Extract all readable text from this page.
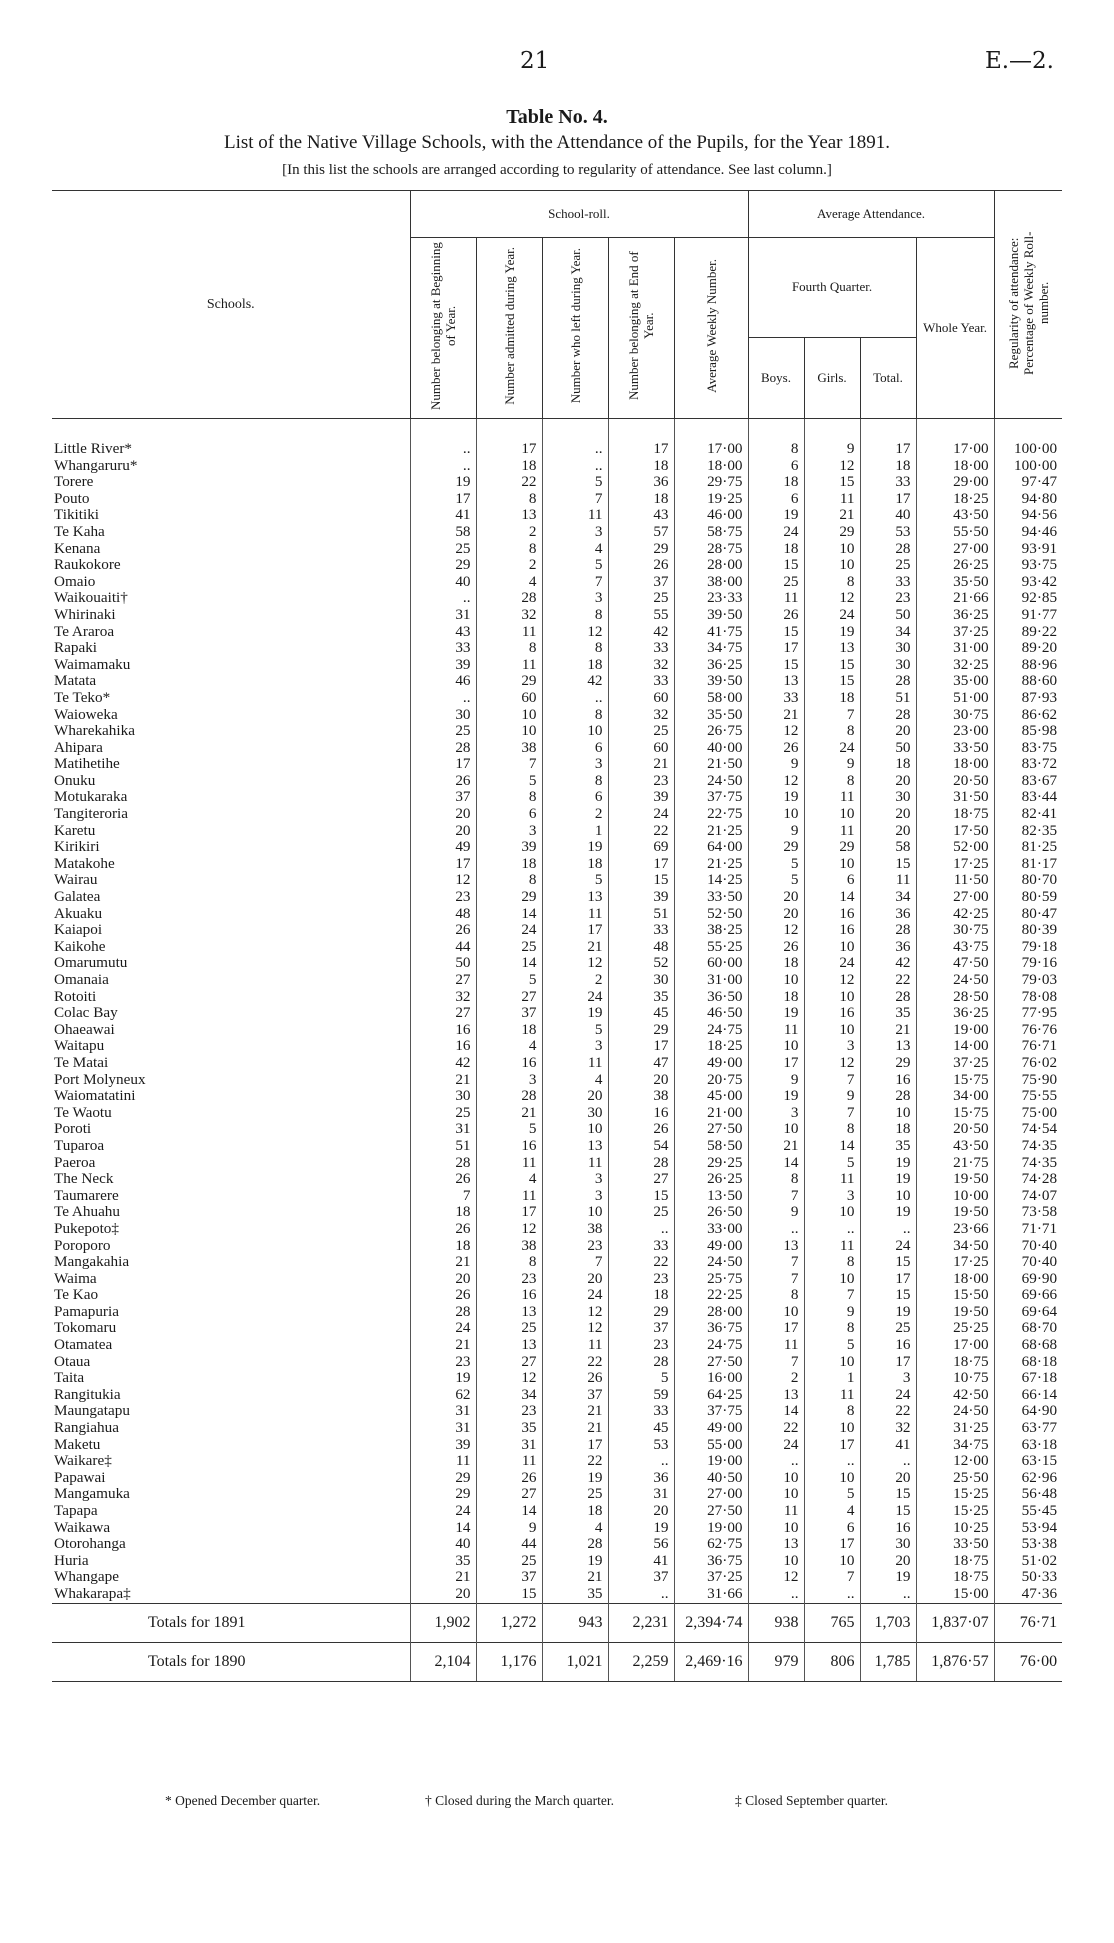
21	E.—2.
Table No. 4.
List of the Native Village Schools, with the Attendance of the Pupils, for the Year 1891.
[In this list the schools are arranged according to regularity of attendance. See last column.]
Schools.	School-roll.					Average Attendance.				Regularity of attendance: Percentage of Weekly Roll-number.
	Number belonging at Beginning of Year.	Number admitted during Year.	Number who left during Year.	Number belonging at End of Year.	Average Weekly Number.	Fourth Quarter.			Whole Year.	
						Boys.	Girls.	Total.		

Little River*	..	17	..	17	17·00	8	9	17	17·00	100·00
Whangaruru*	..	18	..	18	18·00	6	12	18	18·00	100·00
Torere	19	22	5	36	29·75	18	15	33	29·00	97·47
Pouto	17	8	7	18	19·25	6	11	17	18·25	94·80
Tikitiki	41	13	11	43	46·00	19	21	40	43·50	94·56
Te Kaha	58	2	3	57	58·75	24	29	53	55·50	94·46
Kenana	25	8	4	29	28·75	18	10	28	27·00	93·91
Raukokore	29	2	5	26	28·00	15	10	25	26·25	93·75
Omaio	40	4	7	37	38·00	25	8	33	35·50	93·42
Waikouaiti†	..	28	3	25	23·33	11	12	23	21·66	92·85
Whirinaki	31	32	8	55	39·50	26	24	50	36·25	91·77
Te Araroa	43	11	12	42	41·75	15	19	34	37·25	89·22
Rapaki	33	8	8	33	34·75	17	13	30	31·00	89·20
Waimamaku	39	11	18	32	36·25	15	15	30	32·25	88·96
Matata	46	29	42	33	39·50	13	15	28	35·00	88·60
Te Teko*	..	60	..	60	58·00	33	18	51	51·00	87·93
Waioweka	30	10	8	32	35·50	21	7	28	30·75	86·62
Wharekahika	25	10	10	25	26·75	12	8	20	23·00	85·98
Ahipara	28	38	6	60	40·00	26	24	50	33·50	83·75
Matihetihe	17	7	3	21	21·50	9	9	18	18·00	83·72
Onuku	26	5	8	23	24·50	12	8	20	20·50	83·67
Motukaraka	37	8	6	39	37·75	19	11	30	31·50	83·44
Tangiteroria	20	6	2	24	22·75	10	10	20	18·75	82·41
Karetu	20	3	1	22	21·25	9	11	20	17·50	82·35
Kirikiri	49	39	19	69	64·00	29	29	58	52·00	81·25
Matakohe	17	18	18	17	21·25	5	10	15	17·25	81·17
Wairau	12	8	5	15	14·25	5	6	11	11·50	80·70
Galatea	23	29	13	39	33·50	20	14	34	27·00	80·59
Akuaku	48	14	11	51	52·50	20	16	36	42·25	80·47
Kaiapoi	26	24	17	33	38·25	12	16	28	30·75	80·39
Kaikohe	44	25	21	48	55·25	26	10	36	43·75	79·18
Omarumutu	50	14	12	52	60·00	18	24	42	47·50	79·16
Omanaia	27	5	2	30	31·00	10	12	22	24·50	79·03
Rotoiti	32	27	24	35	36·50	18	10	28	28·50	78·08
Colac Bay	27	37	19	45	46·50	19	16	35	36·25	77·95
Ohaeawai	16	18	5	29	24·75	11	10	21	19·00	76·76
Waitapu	16	4	3	17	18·25	10	3	13	14·00	76·71
Te Matai	42	16	11	47	49·00	17	12	29	37·25	76·02
Port Molyneux	21	3	4	20	20·75	9	7	16	15·75	75·90
Waiomatatini	30	28	20	38	45·00	19	9	28	34·00	75·55
Te Waotu	25	21	30	16	21·00	3	7	10	15·75	75·00
Poroti	31	5	10	26	27·50	10	8	18	20·50	74·54
Tuparoa	51	16	13	54	58·50	21	14	35	43·50	74·35
Paeroa	28	11	11	28	29·25	14	5	19	21·75	74·35
The Neck	26	4	3	27	26·25	8	11	19	19·50	74·28
Taumarere	7	11	3	15	13·50	7	3	10	10·00	74·07
Te Ahuahu	18	17	10	25	26·50	9	10	19	19·50	73·58
Pukepoto‡	26	12	38	..	33·00	..	..	..	23·66	71·71
Poroporo	18	38	23	33	49·00	13	11	24	34·50	70·40
Mangakahia	21	8	7	22	24·50	7	8	15	17·25	70·40
Waima	20	23	20	23	25·75	7	10	17	18·00	69·90
Te Kao	26	16	24	18	22·25	8	7	15	15·50	69·66
Pamapuria	28	13	12	29	28·00	10	9	19	19·50	69·64
Tokomaru	24	25	12	37	36·75	17	8	25	25·25	68·70
Otamatea	21	13	11	23	24·75	11	5	16	17·00	68·68
Otaua	23	27	22	28	27·50	7	10	17	18·75	68·18
Taita	19	12	26	5	16·00	2	1	3	10·75	67·18
Rangitukia	62	34	37	59	64·25	13	11	24	42·50	66·14
Maungatapu	31	23	21	33	37·75	14	8	22	24·50	64·90
Rangiahua	31	35	21	45	49·00	22	10	32	31·25	63·77
Maketu	39	31	17	53	55·00	24	17	41	34·75	63·18
Waikare‡	11	11	22	..	19·00	..	..	..	12·00	63·15
Papawai	29	26	19	36	40·50	10	10	20	25·50	62·96
Mangamuka	29	27	25	31	27·00	10	5	15	15·25	56·48
Tapapa	24	14	18	20	27·50	11	4	15	15·25	55·45
Waikawa	14	9	4	19	19·00	10	6	16	10·25	53·94
Otorohanga	40	44	28	56	62·75	13	17	30	33·50	53·38
Huria	35	25	19	41	36·75	10	10	20	18·75	51·02
Whangape	21	37	21	37	37·25	12	7	19	18·75	50·33
Whakarapa‡	20	15	35	..	31·66	..	..	..	15·00	47·36
Totals for 1891	1,902	1,272	943	2,231	2,394·74	938	765	1,703	1,837·07	76·71
Totals for 1890	2,104	1,176	1,021	2,259	2,469·16	979	806	1,785	1,876·57	76·00
* Opened December quarter.	† Closed during the March quarter.	‡ Closed September quarter.
